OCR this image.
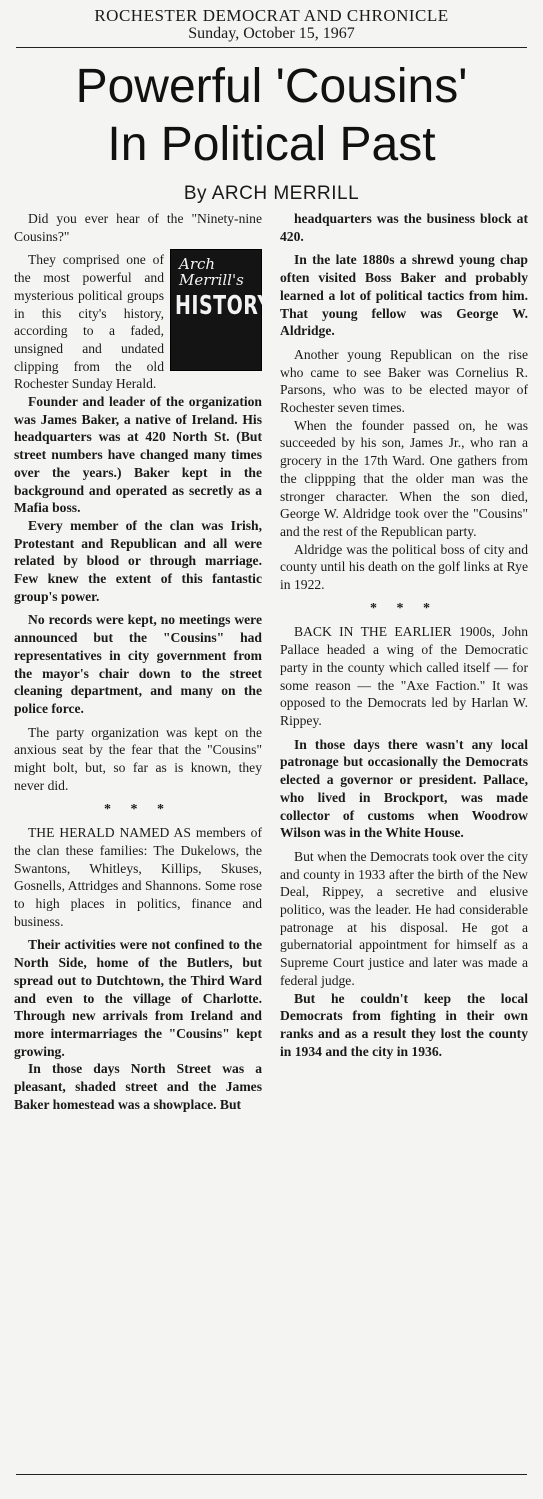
ROCHESTER DEMOCRAT AND CHRONICLE
Sunday, October 15, 1967
Powerful 'Cousins'
In Political Past
By ARCH MERRILL

Did you ever hear of the "Ninety-nine Cousins?"

Arch
Merrill's
HISTORY

They comprised one of the most powerful and mysterious political groups in this city's history, according to a faded, unsigned and undated clipping from the old Rochester Sunday Herald.

Founder and leader of the organization was James Baker, a native of Ireland. His headquarters was at 420 North St. (But street numbers have changed many times over the years.) Baker kept in the background and operated as secretly as a Mafia boss.

Every member of the clan was Irish, Protestant and Republican and all were related by blood or through marriage. Few knew the extent of this fantastic group's power.

No records were kept, no meetings were announced but the "Cousins" had representatives in city government from the mayor's chair down to the street cleaning department, and many on the police force.

The party organization was kept on the anxious seat by the fear that the "Cousins" might bolt, but, so far as is known, they never did.

* * *

THE HERALD NAMED AS members of the clan these families: The Dukelows, the Swantons, Whitleys, Killips, Skuses, Gosnells, Attridges and Shannons. Some rose to high places in politics, finance and business.

Their activities were not confined to the North Side, home of the Butlers, but spread out to Dutchtown, the Third Ward and even to the village of Charlotte. Through new arrivals from Ireland and more intermarriages the "Cousins" kept growing.

In those days North Street was a pleasant, shaded street and the James Baker homestead was a showplace. But

headquarters was the business block at 420.

In the late 1880s a shrewd young chap often visited Boss Baker and probably learned a lot of political tactics from him. That young fellow was George W. Aldridge.

Another young Republican on the rise who came to see Baker was Cornelius R. Parsons, who was to be elected mayor of Rochester seven times.

When the founder passed on, he was succeeded by his son, James Jr., who ran a grocery in the 17th Ward. One gathers from the clippping that the older man was the stronger character. When the son died, George W. Aldridge took over the "Cousins" and the rest of the Republican party.

Aldridge was the political boss of city and county until his death on the golf links at Rye in 1922.

* * *

BACK IN THE EARLIER 1900s, John Pallace headed a wing of the Democratic party in the county which called itself — for some reason — the "Axe Faction." It was opposed to the Democrats led by Harlan W. Rippey.

In those days there wasn't any local patronage but occasionally the Democrats elected a governor or president. Pallace, who lived in Brockport, was made collector of customs when Woodrow Wilson was in the White House.

But when the Democrats took over the city and county in 1933 after the birth of the New Deal, Rippey, a secretive and elusive politico, was the leader. He had considerable patronage at his disposal. He got a gubernatorial appointment for himself as a Supreme Court justice and later was made a federal judge.

But he couldn't keep the local Democrats from fighting in their own ranks and as a result they lost the county in 1934 and the city in 1936.
